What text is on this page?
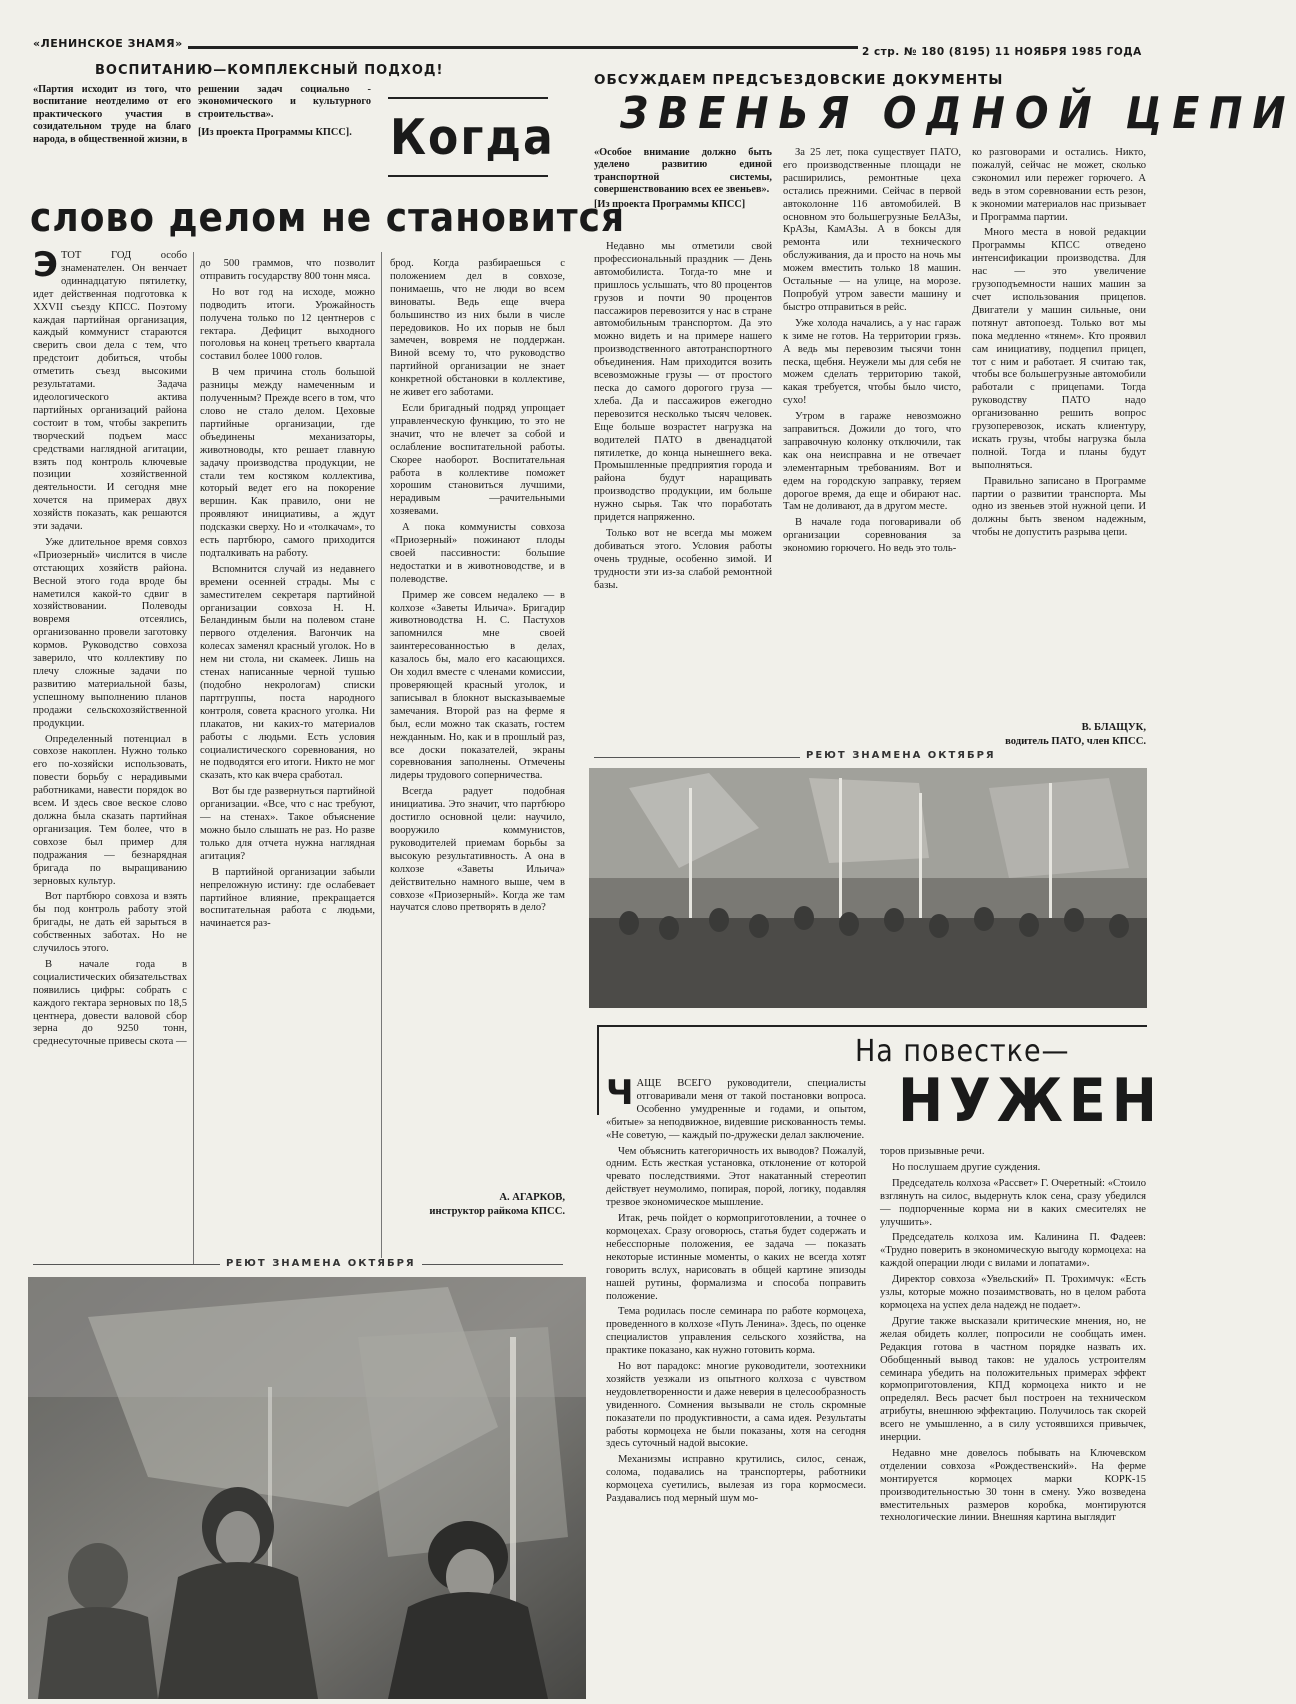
«ЛЕНИНСКОЕ ЗНАМЯ»
2 стр. № 180 (8195) 11 НОЯБРЯ 1985 ГОДА
ВОСПИТАНИЮ—КОМПЛЕКСНЫЙ ПОДХОД!
«Партия исходит из того, что воспитание неотделимо от его практического участия в созидательном труде на благо народа, в общественной жизни, в
решении задач социально - экономического и культурного строительства».
[Из проекта Программы КПСС]. Когда
слово делом не становится
Э ТОТ ГОД особо знаменателен. Он венчает одиннадцатую пятилетку, идет действенная подготовка к XXVII съезду КПСС. Поэтому каждая партийная организация, каждый коммунист стараются сверить свои дела с тем, что предстоит добиться, чтобы отметить съезд высокими результатами. Задача идеологического актива партийных организаций района состоит в том, чтобы закрепить творческий подъем масс средствами наглядной агитации, взять под контроль ключевые позиции хозяйственной деятельности. И сегодня мне хочется на примерах двух хозяйств показать, как решаются эти задачи.

Уже длительное время совхоз «Приозерный» числится в числе отстающих хозяйств района. Весной этого года вроде бы наметился какой-то сдвиг в хозяйствовании. Полеводы вовремя отсеялись, организованно провели заготовку кормов. Руководство совхоза заверило, что коллективу по плечу сложные задачи по развитию материальной базы, успешному выполнению планов продажи сельскохозяйственной продукции.

Определенный потенциал в совхозе накоплен. Нужно только его по-хозяйски использовать, повести борьбу с нерадивыми работниками, навести порядок во всем. И здесь свое веское слово должна была сказать партийная организация. Тем более, что в совхозе был пример для подражания — безнарядная бригада по выращиванию зерновых культур.

Вот партбюро совхоза и взять бы под контроль работу этой бригады, не дать ей зарыться в собственных заботах. Но не случилось этого.

В начале года в социалистических обязательствах появились цифры: собрать с каждого гектара зерновых по 18,5 центнера, довести валовой сбор зерна до 9250 тонн, среднесуточные привесы скота —

до 500 граммов, что позволит отправить государству 800 тонн мяса.

Но вот год на исходе, можно подводить итоги. Урожайность получена только по 12 центнеров с гектара. Дефицит выходного поголовья на конец третьего квартала составил более 1000 голов.

В чем причина столь большой разницы между намеченным и полученным? Прежде всего в том, что слово не стало делом. Цеховые партийные организации, где объединены механизаторы, животноводы, кто решает главную задачу производства продукции, не стали тем костяком коллектива, который ведет его на покорение вершин. Как правило, они не проявляют инициативы, а ждут подсказки сверху. Но и «толкачам», то есть партбюро, самого приходится подталкивать на работу.

Вспомнится случай из недавнего времени осенней страды. Мы с заместителем секретаря партийной организации совхоза Н. Н. Беландиным были на полевом стане первого отделения. Вагончик на колесах заменял красный уголок. Но в нем ни стола, ни скамеек. Лишь на стенах написанные черной тушью (подобно некрологам) списки партгруппы, поста народного контроля, совета красного уголка. Ни плакатов, ни каких-то материалов работы с людьми. Есть условия социалистического соревнования, но не подводятся его итоги. Никто не мог сказать, кто как вчера сработал.

Вот бы где развернуться партийной организации. «Все, что с нас требуют, — на стенах». Такое объяснение можно было слышать не раз. Но разве только для отчета нужна наглядная агитация?

В партийной организации забыли непреложную истину: где ослабевает партийное влияние, прекращается воспитательная работа с людьми, начинается раз-

брод. Когда разбираешься с положением дел в совхозе, понимаешь, что не люди во всем виноваты. Ведь еще вчера большинство из них были в числе передовиков. Но их порыв не был замечен, вовремя не поддержан. Виной всему то, что руководство партийной организации не знает конкретной обстановки в коллективе, не живет его заботами.

Если бригадный подряд упрощает управленческую функцию, то это не значит, что не влечет за собой и ослабление воспитательной работы. Скорее наоборот. Воспитательная работа в коллективе поможет хорошим становиться лучшими, нерадивым —рачительными хозяевами.

А пока коммунисты совхоза «Приозерный» пожинают плоды своей пассивности: большие недостатки и в животноводстве, и в полеводстве.

Пример же совсем недалеко — в колхозе «Заветы Ильича». Бригадир животноводства Н. С. Пастухов запомнился мне своей заинтересованностью в делах, казалось бы, мало его касающихся. Он ходил вместе с членами комиссии, проверяющей красный уголок, и записывал в блокнот высказываемые замечания. Второй раз на ферме я был, если можно так сказать, гостем нежданным. Но, как и в прошлый раз, все доски показателей, экраны соревнования заполнены. Отмечены лидеры трудового соперничества.

Всегда радует подобная инициатива. Это значит, что партбюро достигло основной цели: научило, вооружило коммунистов, руководителей приемам борьбы за высокую результативность. А она в колхозе «Заветы Ильича» действительно намного выше, чем в совхозе «Приозерный». Когда же там научатся слово претворять в дело?

А. АГАРКОВ,
инструктор райкома КПСС.
РЕЮТ ЗНАМЕНА ОКТЯБРЯ
ОБСУЖДАЕМ ПРЕДСЪЕЗДОВСКИЕ ДОКУМЕНТЫ
ЗВЕНЬЯ ОДНОЙ ЦЕПИ
«Особое внимание должно быть уделено развитию единой транспортной системы, совершенствованию всех ее звеньев».
[Из проекта Программы КПСС]

Недавно мы отметили свой профессиональный праздник — День автомобилиста. Тогда-то мне и пришлось услышать, что 80 процентов грузов и почти 90 процентов пассажиров перевозится у нас в стране автомобильным транспортом. Да это можно видеть и на примере нашего производственного автотранспортного объединения. Нам приходится возить всевозможные грузы — от простого песка до самого дорогого груза — хлеба. Да и пассажиров ежегодно перевозится несколько тысяч человек. Еще больше возрастет нагрузка на водителей ПАТО в двенадцатой пятилетке, до конца нынешнего века. Промышленные предприятия города и района будут наращивать производство продукции, им больше нужно сырья. Так что поработать придется напряженно.

Только вот не всегда мы можем добиваться этого. Условия работы очень трудные, особенно зимой. И трудности эти из-за слабой ремонтной базы.

За 25 лет, пока существует ПАТО, его производственные площади не расширились, ремонтные цеха остались прежними. Сейчас в первой автоколонне 116 автомобилей. В основном это большегрузные БелАЗы, КрАЗы, КамАЗы. А в боксы для ремонта или технического обслуживания, да и просто на ночь мы можем вместить только 18 машин. Остальные — на улице, на морозе. Попробуй утром завести машину и быстро отправиться в рейс.

Уже холода начались, а у нас гараж к зиме не готов. На территории грязь. А ведь мы перевозим тысячи тонн песка, щебня. Неужели мы для себя не можем сделать территорию такой, какая требуется, чтобы было чисто, сухо!

Утром в гараже невозможно заправиться. Дожили до того, что заправочную колонку отключили, так как она неисправна и не отвечает элементарным требованиям. Вот и едем на городскую заправку, теряем дорогое время, да еще и обирают нас. Там не доливают, да в другом месте.

В начале года поговаривали об организации соревнования за экономию горючего. Но ведь это толь-

ко разговорами и остались. Никто, пожалуй, сейчас не может, сколько сэкономил или пережег горючего. А ведь в этом соревновании есть резон, к экономии материалов нас призывает и Программа партии.

Много места в новой редакции Программы КПСС отведено интенсификации производства. Для нас — это увеличение грузоподъемности наших машин за счет использования прицепов. Двигатели у машин сильные, они потянут автопоезд. Только вот мы пока медленно «тянем». Кто проявил сам инициативу, подцепил прицеп, тот с ним и работает. Я считаю так, чтобы все большегрузные автомобили работали с прицепами. Тогда руководству ПАТО надо организованно решить вопрос грузоперевозок, искать клиентуру, искать грузы, чтобы нагрузка была полной. Тогда и планы будут выполняться.

Правильно записано в Программе партии о развитии транспорта. Мы одно из звеньев этой нужной цепи. И должны быть звеном надежным, чтобы не допустить разрыва цепи.

В. БЛАЩУК,
водитель ПАТО, член КПСС.
РЕЮТ ЗНАМЕНА ОКТЯБРЯ
На повестке—
НУЖЕН
Ч АЩЕ ВСЕГО руководители, специалисты отговаривали меня от такой постановки вопроса. Особенно умудренные и годами, и опытом, «битые» за неподвижное, видевшие рискованность темы. «Не советую, — каждый по-дружески делал заключение.

Чем объяснить категоричность их выводов? Пожалуй, одним. Есть жесткая установка, отклонение от которой чревато последствиями. Этот накатанный стереотип действует неумолимо, попирая, порой, логику, подавляя трезвое экономическое мышление.

Итак, речь пойдет о кормоприготовлении, а точнее о кормоцехах. Сразу оговорюсь, статья будет содержать и небесспорные положения, ее задача — показать некоторые истинные моменты, о каких не всегда хотят говорить вслух, нарисовать в общей картине эпизоды нашей рутины, формализма и способа поправить положение.

Тема родилась после семинара по работе кормоцеха, проведенного в колхозе «Путь Ленина». Здесь, по оценке специалистов управления сельского хозяйства, на практике показано, как нужно готовить корма.

Но вот парадокс: многие руководители, зоотехники хозяйств уезжали из опытного колхоза с чувством неудовлетворенности и даже неверия в целесообразность увиденного. Сомнения вызывали не столь скромные показатели по продуктивности, а сама идея. Результаты работы кормоцеха не были показаны, хотя на сегодня здесь суточный надой высокие.

Механизмы исправно крутились, силос, сенаж, солома, подавались на транспортеры, работники кормоцеха суетились, вылезая из гора кормосмеси. Раздавались под мерный шум мо-

торов призывные речи.

Но послушаем другие суждения.

Председатель колхоза «Рассвет» Г. Очеретный: «Стоило взглянуть на силос, выдернуть клок сена, сразу убедился — подпорченные корма ни в каких смесителях не улучшить».

Председатель колхоза им. Калинина П. Фадеев: «Трудно поверить в экономическую выгоду кормоцеха: на каждой операции люди с вилами и лопатами».

Директор совхоза «Увельский» П. Трохимчук: «Есть узлы, которые можно позаимствовать, но в целом работа кормоцеха на успех дела надежд не подает».

Другие также высказали критические мнения, но, не желая обидеть коллег, попросили не сообщать имен. Редакция готова в частном порядке назвать их. Обобщенный вывод таков: не удалось устроителям семинара убедить на положительных примерах эффект кормоприготовления, КПД кормоцеха никто и не определял. Весь расчет был построен на техническом атрибуты, внешнюю эффектацию. Получилось так скорей всего не умышленно, а в силу устоявшихся привычек, инерции.

Недавно мне довелось побывать на Ключевском отделении совхоза «Рождественский». На ферме монтируется кормоцех марки КОРК-15 производительностью 30 тонн в смену. Ужо возведена вместительных размеров коробка, монтируются технологические линии. Внешняя картина выглядит
